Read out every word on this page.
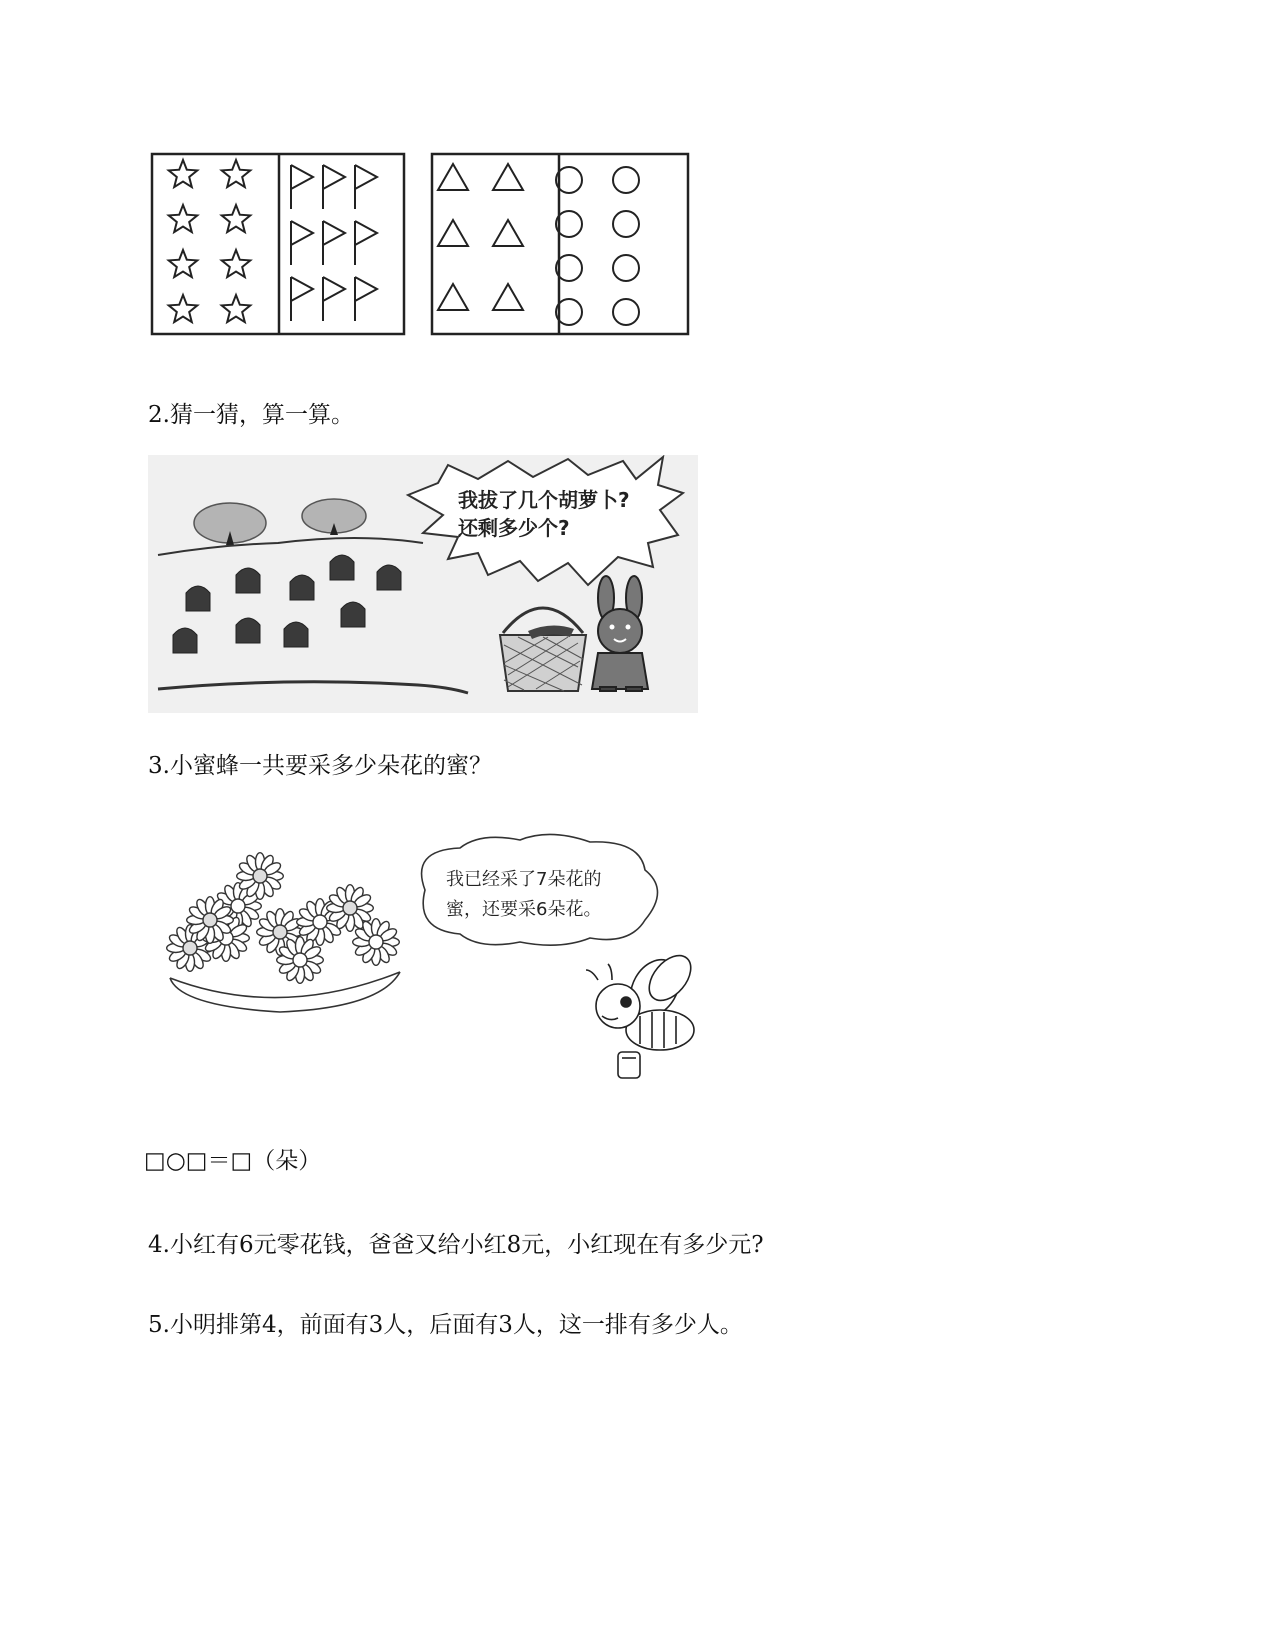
2.猜一猜，算一算。
我拔了几个胡萝卜?
还剩多少个?
3.小蜜蜂一共要采多少朵花的蜜？
我已经采了7朵花的
蜜，还要采6朵花。
□○□＝□（朵）
4.小红有6元零花钱，爸爸又给小红8元，小红现在有多少元?
5.小明排第4，前面有3人，后面有3人，这一排有多少人。
